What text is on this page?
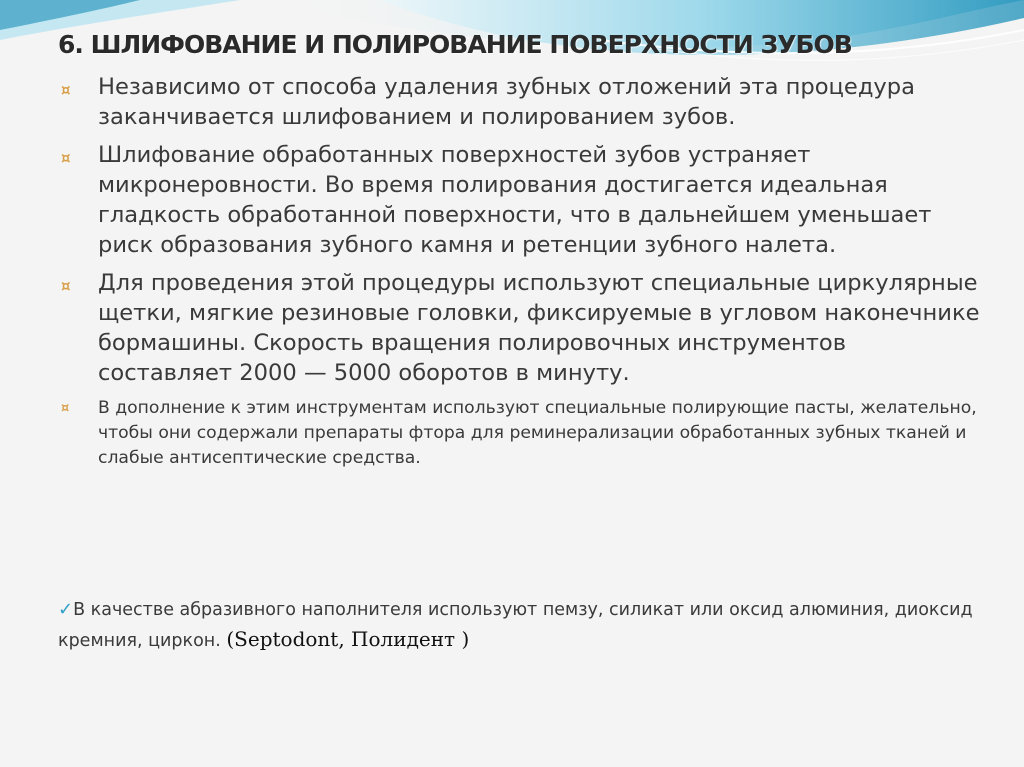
6. ШЛИФОВАНИЕ И ПОЛИРОВАНИЕ ПОВЕРХНОСТИ ЗУБОВ
¤ Независимо от способа удаления зубных отложений эта процедура заканчивается шлифованием и полированием зубов.
¤ Шлифование обработанных поверхностей зубов устраняет микронеровности. Во время полирования достигается идеальная гладкость обработанной поверхности, что в дальнейшем уменьшает риск образования зубного камня и ретенции зубного налета.
¤ Для проведения этой процедуры используют специальные циркулярные щетки, мягкие резиновые головки, фиксируемые в угловом наконечнике бормашины. Скорость вращения полировочных инструментов составляет 2000 — 5000 оборотов в минуту.
¤ В дополнение к этим инструментам используют специальные полирующие пасты, желательно, чтобы они содержали препараты фтора для реминерализации обработанных зубных тканей и слабые антисептические средства.

✓В качестве абразивного наполнителя используют пемзу, силикат или оксид алюминия, диоксид кремния, циркон. (Septodont, Полидент )
